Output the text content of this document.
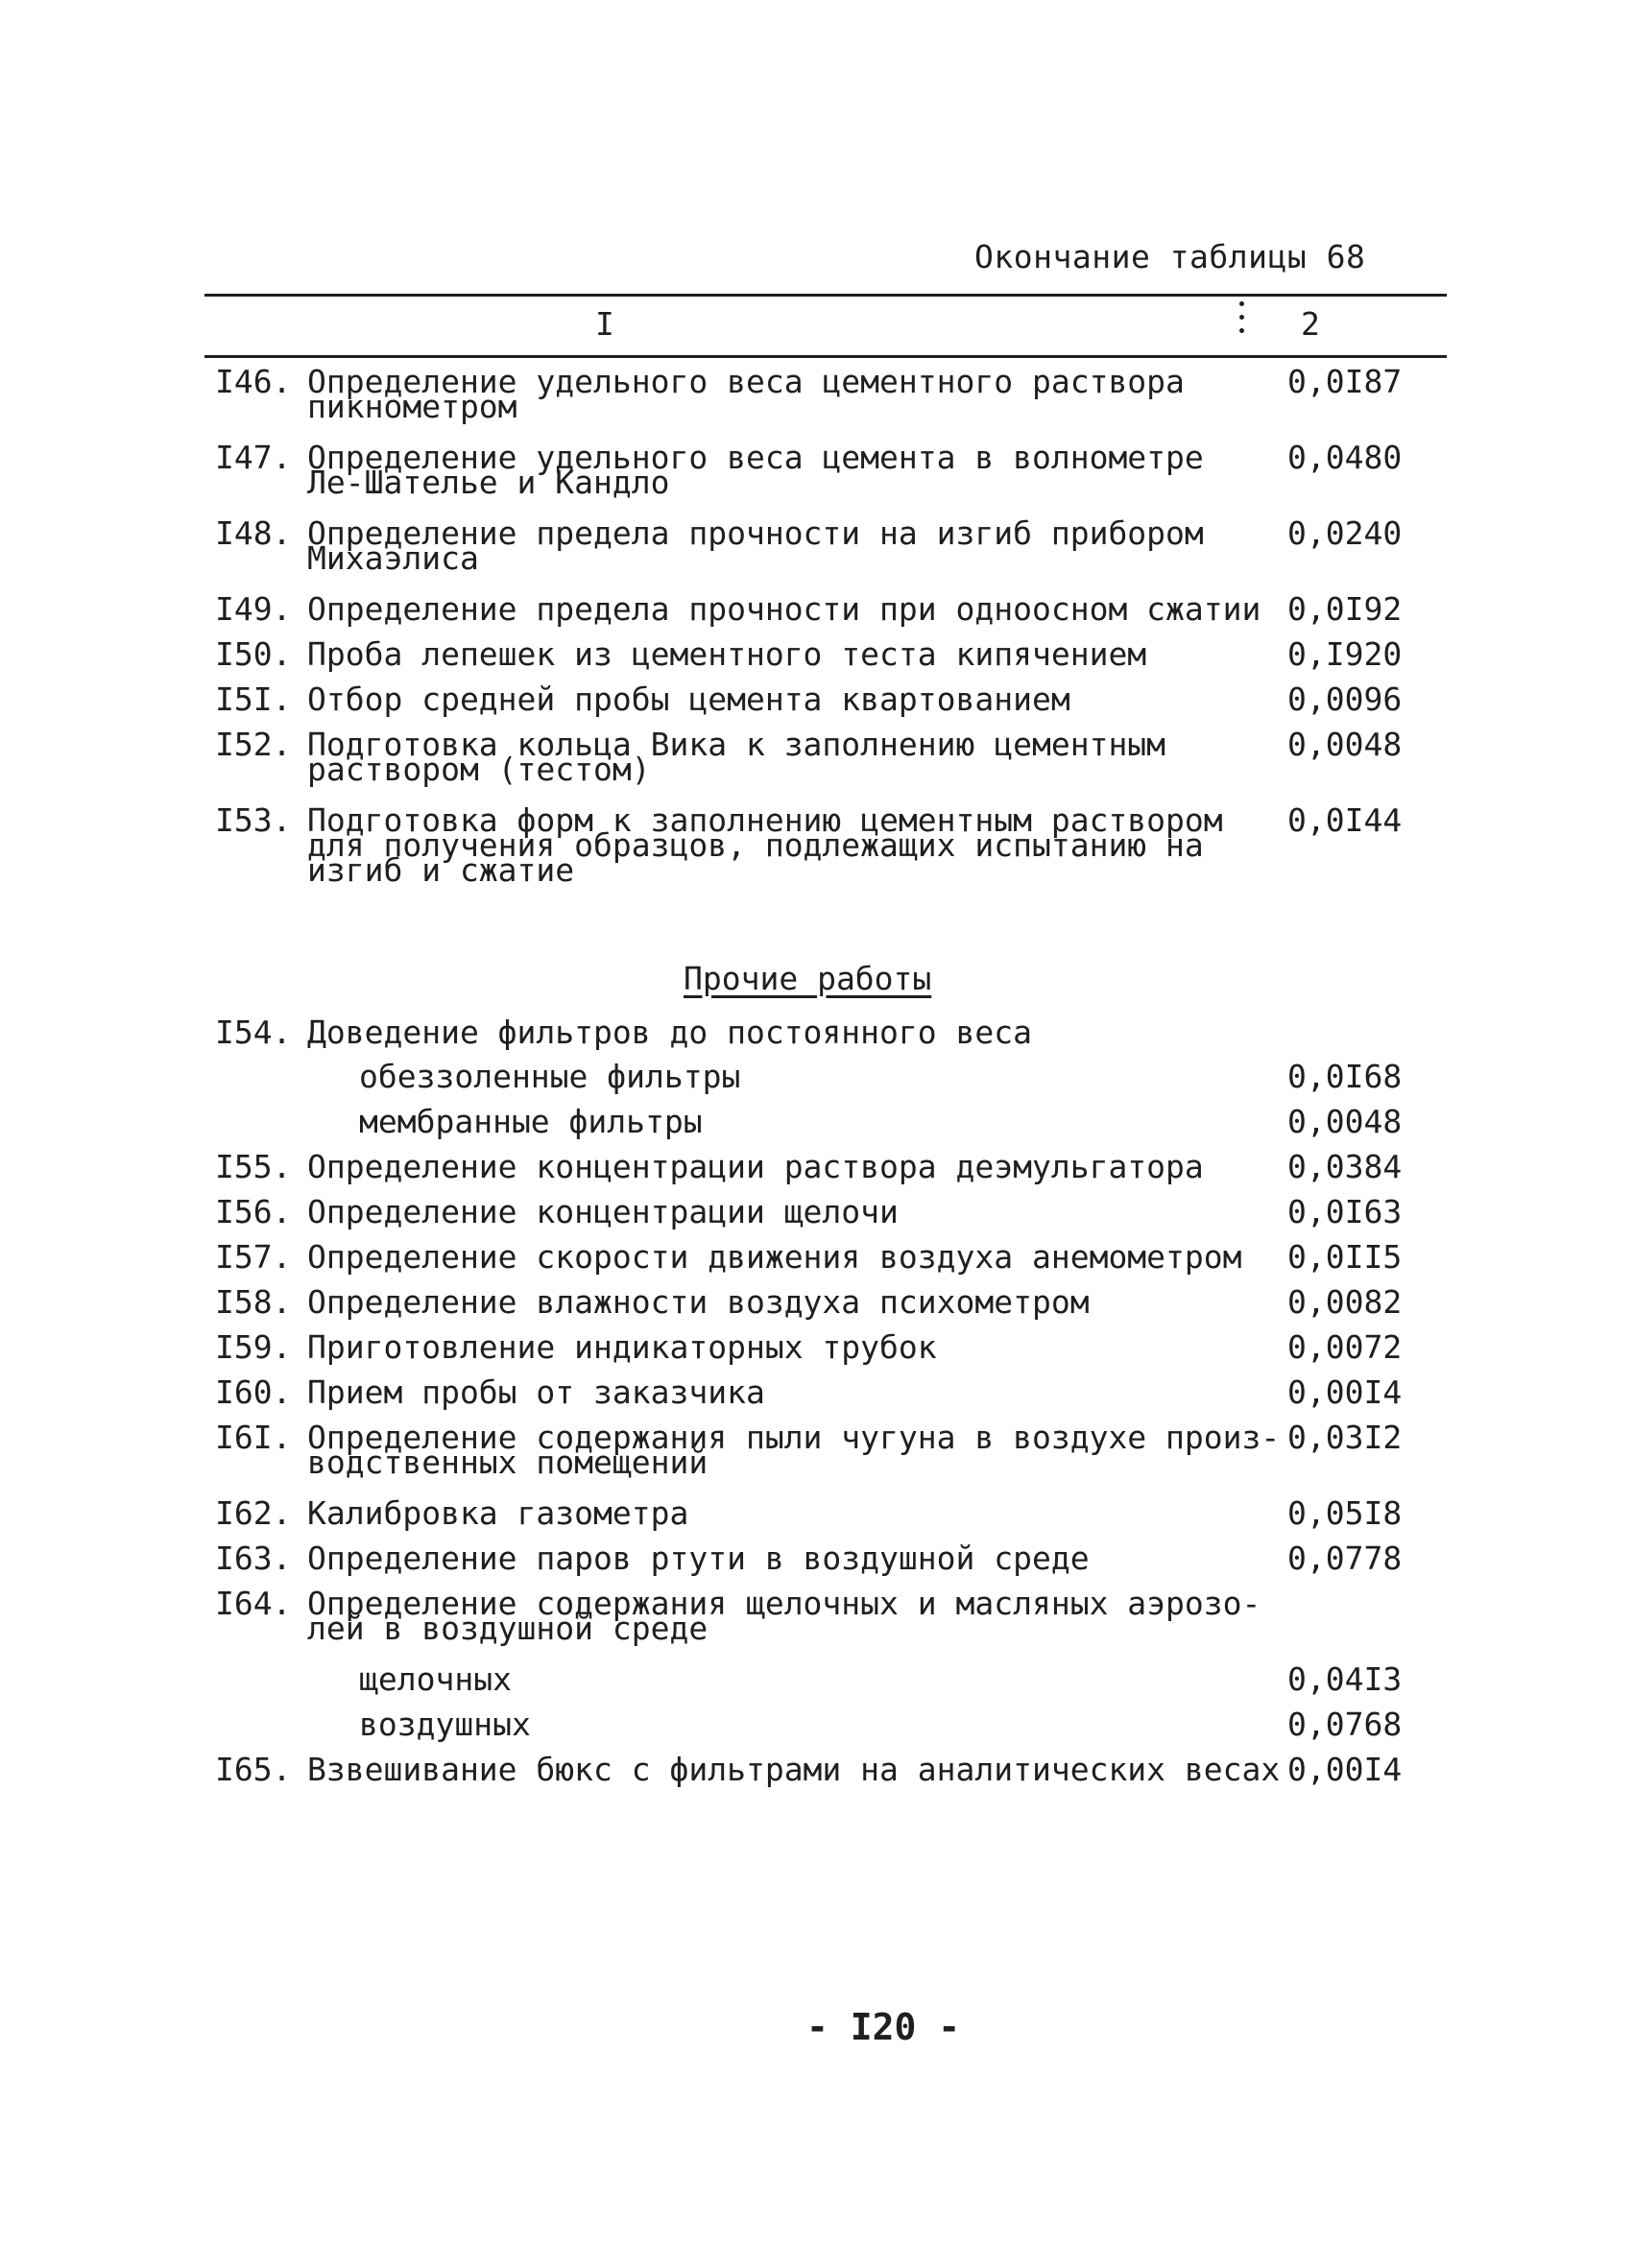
Окончание таблицы 68
I	2
I46. Определение удельного веса цементного раствора
пикнометром
0,0I87
I47. Определение удельного веса цемента в волнометре
Ле-Шателье и Кандло
0,0480
I48. Определение предела прочности на изгиб прибором
Михаэлиса
0,0240
I49. Определение предела прочности при одноосном сжатии 0,0I92
I50. Проба лепешек из цементного теста кипячением	0,I920
I5I. Отбор средней пробы цемента квартованием	0,0096
I52. Подготовка кольца Вика к заполнению цементным
раствором (тестом)
0,0048
I53. Подготовка форм к заполнению цементным раствором
для получения образцов, подлежащих испытанию на
изгиб и сжатие
0,0I44
Прочие работы
I54. Доведение фильтров до постоянного веса
обеззоленные фильтры	0,0I68
мембранные фильтры	0,0048
I55. Определение концентрации раствора деэмульгатора	0,0384
I56. Определение концентрации щелочи	0,0I63
I57. Определение скорости движения воздуха анемометром	0,0II5
I58. Определение влажности воздуха психометром	0,0082
I59. Приготовление индикаторных трубок	0,0072
I60. Прием пробы от заказчика	0,00I4
I6I. Определение содержания пыли чугуна в воздухе произ-
водственных помещений
0,03I2
I62. Калибровка газометра	0,05I8
I63. Определение паров ртути в воздушной среде	0,0778
I64. Определение содержания щелочных и масляных аэрозо-
лей в воздушной среде
щелочных	0,04I3
воздушных	0,0768
I65. Взвешивание бюкс с фильтрами на аналитических весах 0,00I4
- I20 -
